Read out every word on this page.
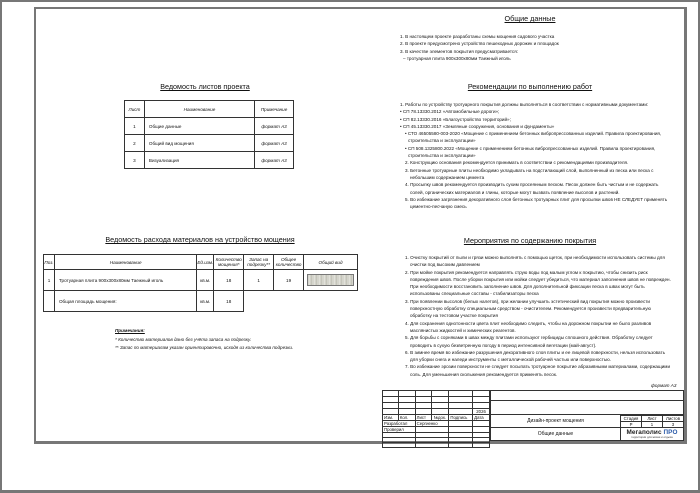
Ведомость листов проекта
Лист	Наименование	Примечание
1	Общие данные	формат А3
2	Общий вид мощения	формат А3
3	Визуализация	формат А3
Ведомость расхода материалов на устройство мощения
Поз.	Наименование	Ед.изм.	Количество мощения*	Запас на подрезку**	Общее количество	Общий вид
1	Тротуарная плита 900х300х80мм Таежный иголь	кв.м.	18	1	19	
	Общая площадь мощения:	кв.м.	18			
Примечания:
* Количество материалов дано без учёта запаса на подрезку.
** Запас по материалам указан ориентировочно, исходя из количества подрезки.
Общие данные
1. В настоящем проекте разработаны схемы мощения садового участка
2. В проекте предусмотрено устройство пешеходных дорожек и площадок
3. В качестве элементов покрытия предусматривается:
– тротуарная плита 900х300х80мм Таежный иголь
Рекомендации по выполнению работ
1. Работы по устройству тротуарного покрытия должны выполняться в соответствии с нормативными документами:
• СП 78.13330.2012 «Автомобильные дороги»;
• СП 82.13330.2016 «Благоустройство территорий»;
• СП 45.13330.2017 «Земляные сооружения, основания и фундаменты»
• СТО 46505580-003-2020 «Мощение с применением бетонных вибропрессованных изделий. Правила проектирования, строительства и эксплуатации»
• СП 508.1325800.2022 «Мощение с применением бетонных вибропрессованных изделий. Правила проектирования, строительства и эксплуатации»
2. Конструкцию основания рекомендуется принимать в соответствии с рекомендациями производителя.
3. Бетонные тротуарные плиты необходимо укладывать на подстилающий слой, выполненный из песка или песка с небольшим содержанием цемента
4. Просыпку швов рекомендуется производить сухим просеянным песком. Песок должен быть чистым и не содержать солей, органических материалов и глины, которые могут вызвать появление высолов и растений.
5. Во избежание загрязнения декоративного слоя бетонных тротуарных плит для просыпки швов НЕ СЛЕДУЕТ применять цементно-песчаную смесь
Мероприятия по содержанию покрытия
1. Очистку покрытий от пыли и грязи можно выполнять с помощью щеток, при необходимости использовать системы для очистки под высоким давлением
2. При мойке покрытия рекомендуется направлять струю воды под малым углом к покрытию, чтобы снизить риск повреждения швов. После уборки покрытия или мойки следует убедиться, что материал заполнения швов не поврежден. При необходимости восстановить заполнение швов. Для дополнительной фиксации песка в швах могут быть использованы специальные составы - стабилизаторы песка
3. При появлении высолов (белых налетов), при желании улучшить эстетический вид покрытия можно произвести поверхностную обработку специальным средством - очистителем. Рекомендуется произвести предварительную обработку на тестовом участке покрытия
4. Для сохранения однотонности цвета плит необходимо следить, чтобы на дорожном покрытии не было разливов маслянистых жидкостей и химических реагентов.
5. Для борьбы с сорняками в швах между плитами используют гербициды сплошного действия. Обработку следует проводить в сухую безветренную погоду в период интенсивной вегетации (май-август).
6. В зимнее время во избежание разрушения декоративного слоя плиты и ее лицевой поверхности, нельзя использовать для уборки снега и наледи инструменты с металлической рабочей частью или поверхностью.
7. Во избежание эрозии поверхности не следует посыпать тротуарное покрытие абразивными материалами, содержащими соль. Для уменьшения скольжения рекомендуется применять песок.
формат А3

					2026
Изм.	Кол.	Лист	№док.	Подпись	Дата
Разработал		Сергиенко			
Проверил					

Дизайн-проект мощения
Общие данные
Стадия	Лист	Листов
Р	1	3
Мегаполис ПРО
территории для жизни и отдыха
